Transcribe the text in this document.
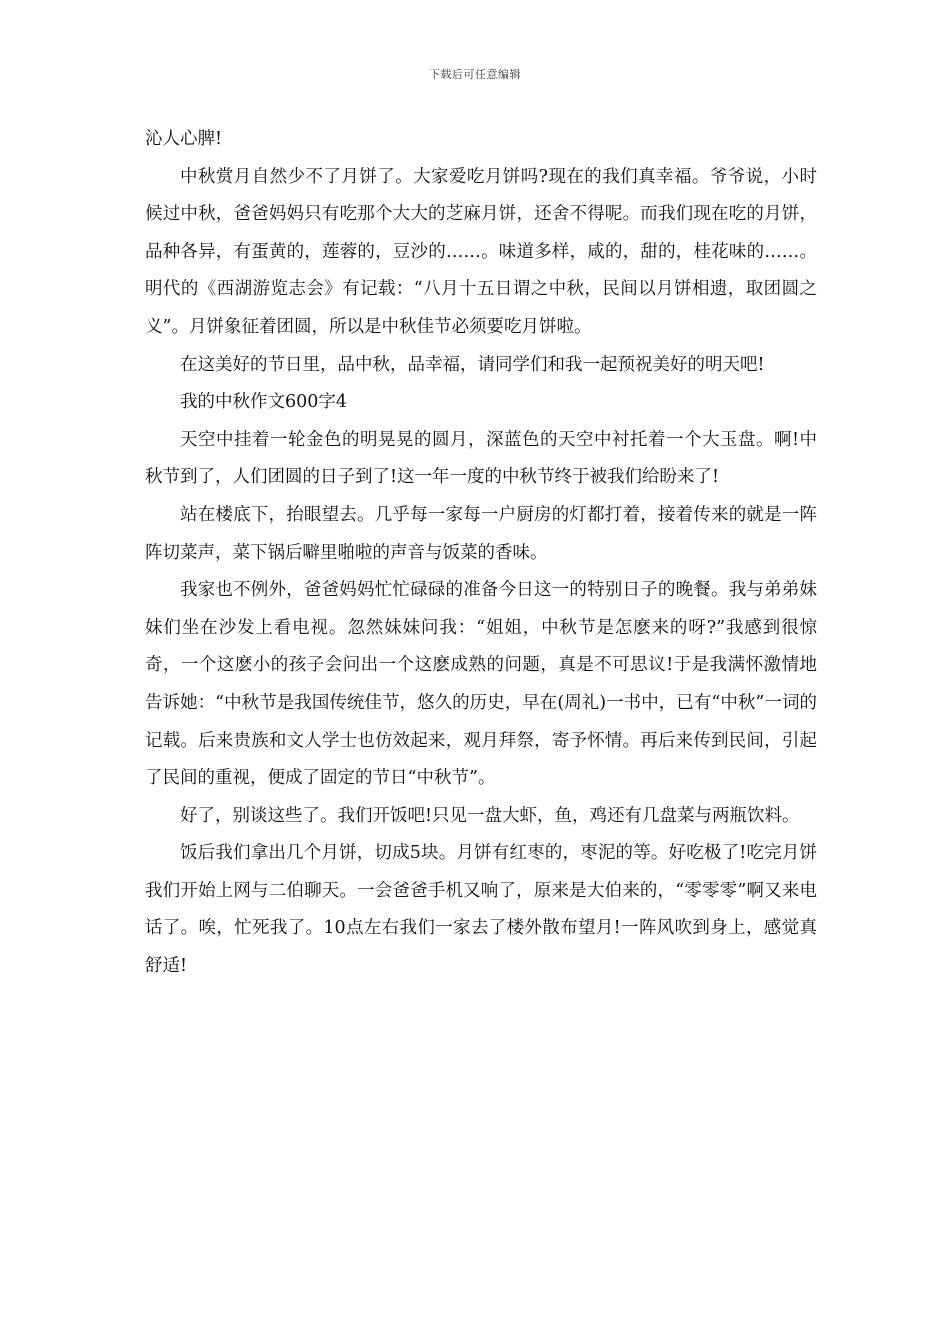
下载后可任意编辑

沁人心脾!

中秋赏月自然少不了月饼了。大家爱吃月饼吗?现在的我们真幸福。爷爷说，小时候过中秋，爸爸妈妈只有吃那个大大的芝麻月饼，还舍不得呢。而我们现在吃的月饼，品种各异，有蛋黄的，莲蓉的，豆沙的……。味道多样，咸的，甜的，桂花味的……。明代的《西湖游览志会》有记载：“八月十五日谓之中秋，民间以月饼相遗，取团圆之义”。月饼象征着团圆，所以是中秋佳节必须要吃月饼啦。

在这美好的节日里，品中秋，品幸福，请同学们和我一起预祝美好的明天吧!

我的中秋作文600字4

天空中挂着一轮金色的明晃晃的圆月，深蓝色的天空中衬托着一个大玉盘。啊!中秋节到了，人们团圆的日子到了!这一年一度的中秋节终于被我们给盼来了!

站在楼底下，抬眼望去。几乎每一家每一户厨房的灯都打着，接着传来的就是一阵阵切菜声，菜下锅后噼里啪啦的声音与饭菜的香味。

我家也不例外，爸爸妈妈忙忙碌碌的准备今日这一的特别日子的晚餐。我与弟弟妹妹们坐在沙发上看电视。忽然妹妹问我：“姐姐，中秋节是怎麽来的呀?”我感到很惊奇，一个这麽小的孩子会问出一个这麽成熟的问题，真是不可思议!于是我满怀激情地告诉她：“中秋节是我国传统佳节，悠久的历史，早在(周礼)一书中，已有“中秋”一词的记载。后来贵族和文人学士也仿效起来，观月拜祭，寄予怀情。再后来传到民间，引起了民间的重视，便成了固定的节日“中秋节”。

好了，别谈这些了。我们开饭吧!只见一盘大虾，鱼，鸡还有几盘菜与两瓶饮料。

饭后我们拿出几个月饼，切成5块。月饼有红枣的，枣泥的等。好吃极了!吃完月饼我们开始上网与二伯聊天。一会爸爸手机又响了，原来是大伯来的，“零零零”啊又来电话了。唉，忙死我了。10点左右我们一家去了楼外散布望月!一阵风吹到身上，感觉真舒适!
